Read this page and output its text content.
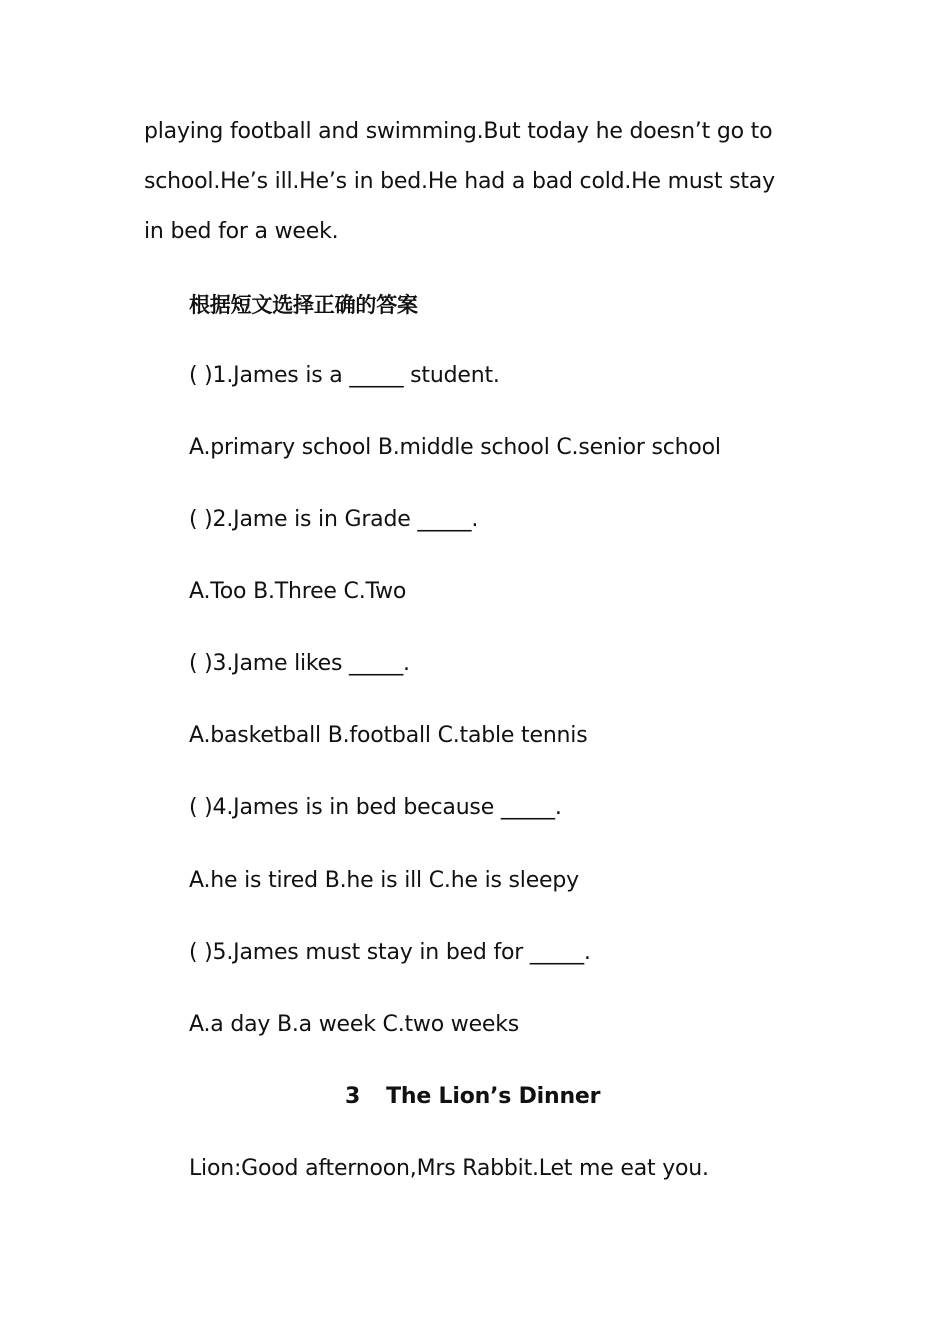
playing football and swimming.But today he doesn’t go to
school.He’s ill.He’s in bed.He had a bad cold.He must stay
in bed for a week.
根据短文选择正确的答案
( )1.James is a _____ student.
A.primary school B.middle school C.senior school
( )2.Jame is in Grade _____.
A.Too B.Three C.Two
( )3.Jame likes _____.
A.basketball B.football C.table tennis
( )4.James is in bed because _____.
A.he is tired B.he is ill C.he is sleepy
( )5.James must stay in bed for _____.
A.a day B.a week C.two weeks
3 The Lion’s Dinner
Lion:Good afternoon,Mrs Rabbit.Let me eat you.
